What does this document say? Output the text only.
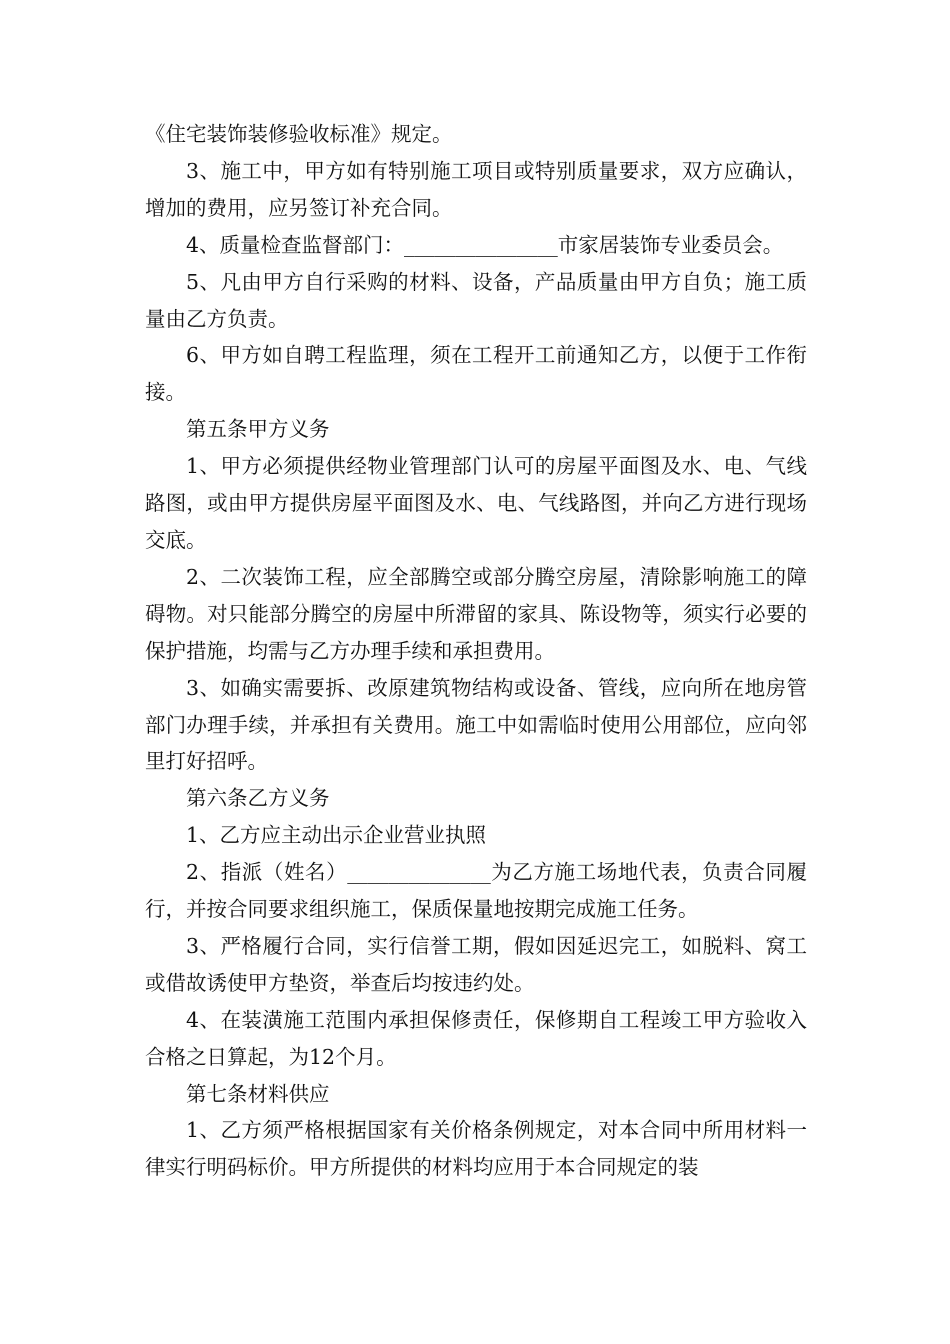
《住宅装饰装修验收标准》规定。

3、施工中，甲方如有特别施工项目或特别质量要求，双方应确认，增加的费用，应另签订补充合同。

4、质量检查监督部门：_______________市家居装饰专业委员会。

5、凡由甲方自行采购的材料、设备，产品质量由甲方自负；施工质量由乙方负责。

6、甲方如自聘工程监理，须在工程开工前通知乙方，以便于工作衔接。

第五条甲方义务

1、甲方必须提供经物业管理部门认可的房屋平面图及水、电、气线路图，或由甲方提供房屋平面图及水、电、气线路图，并向乙方进行现场交底。

2、二次装饰工程，应全部腾空或部分腾空房屋，清除影响施工的障碍物。对只能部分腾空的房屋中所滞留的家具、陈设物等，须实行必要的保护措施，均需与乙方办理手续和承担费用。

3、如确实需要拆、改原建筑物结构或设备、管线，应向所在地房管部门办理手续，并承担有关费用。施工中如需临时使用公用部位，应向邻里打好招呼。

第六条乙方义务

1、乙方应主动出示企业营业执照

2、指派（姓名）______________为乙方施工场地代表，负责合同履行，并按合同要求组织施工，保质保量地按期完成施工任务。

3、严格履行合同，实行信誉工期，假如因延迟完工，如脱料、窝工或借故诱使甲方垫资，举查后均按违约处。

4、在装潢施工范围内承担保修责任，保修期自工程竣工甲方验收入合格之日算起，为12个月。

第七条材料供应

1、乙方须严格根据国家有关价格条例规定，对本合同中所用材料一律实行明码标价。甲方所提供的材料均应用于本合同规定的装
